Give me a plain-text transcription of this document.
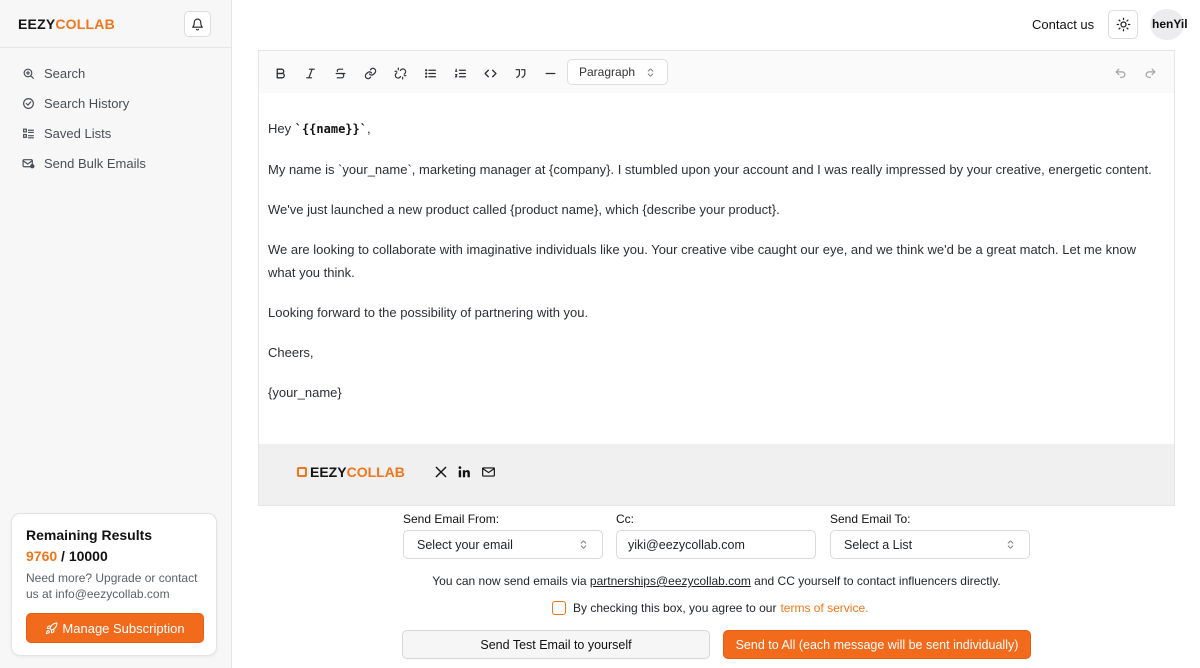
EEZYCOLLAB
Search
Search History
Saved Lists
Send Bulk Emails
Remaining Results
9760 / 10000
Need more? Upgrade or contact us at info@eezycollab.com
Manage Subscription
Contact us	henYil
Paragraph

Hey `{{name}}`,

My name is `your_name`, marketing manager at {company}. I stumbled upon your account and I was really impressed by your creative, energetic content.

We've just launched a new product called {product name}, which {describe your product}.

We are looking to collaborate with imaginative individuals like you. Your creative vibe caught our eye, and we think we'd be a great match. Let me know what you think.

Looking forward to the possibility of partnering with you.

Cheers,

{your_name}

EEZY COLLAB
Send Email From:
Select your email
Cc:
yiki@eezycollab.com
Send Email To:
Select a List
You can now send emails via partnerships@eezycollab.com and CC yourself to contact influencers directly.
By checking this box, you agree to our terms of service.
Send Test Email to yourself	Send to All (each message will be sent individually)
